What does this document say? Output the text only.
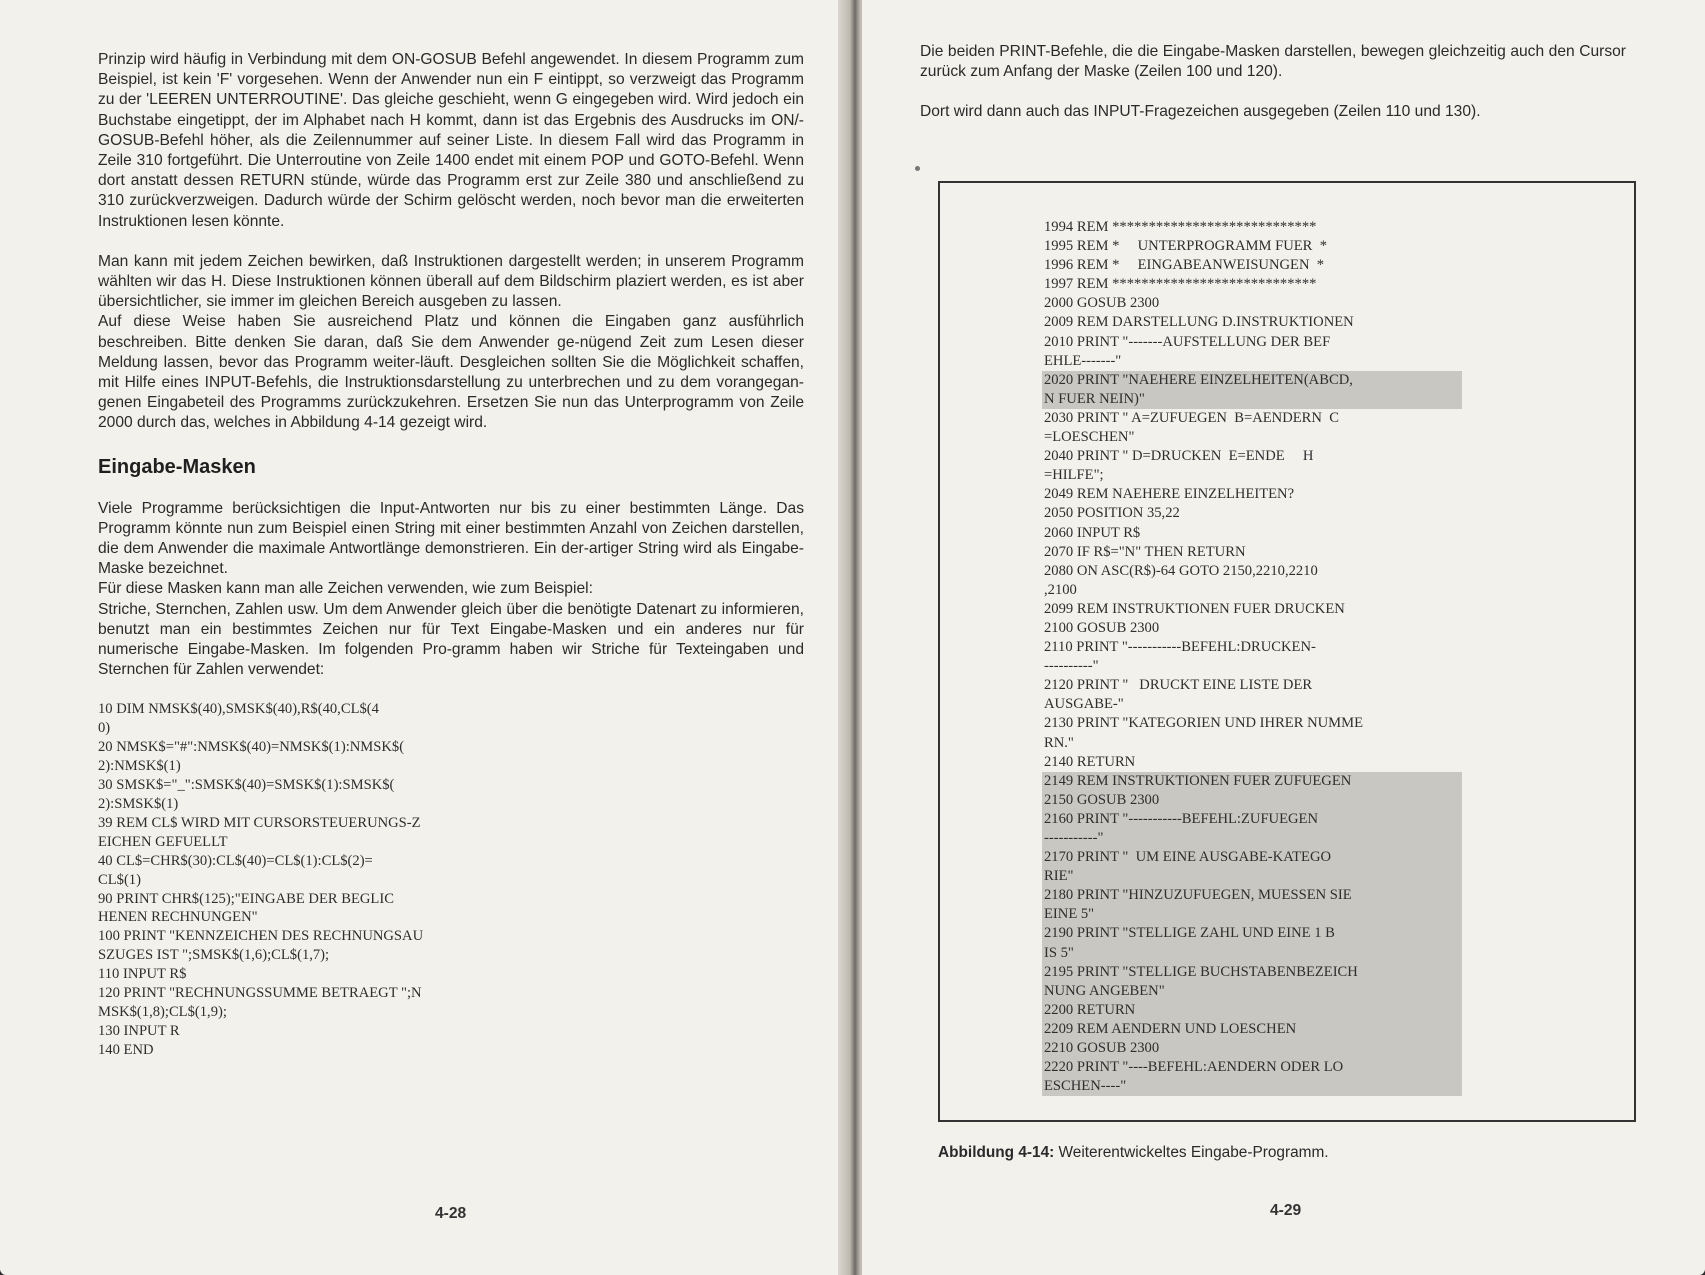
Prinzip wird häufig in Verbindung mit dem ON-GOSUB Befehl angewendet. In diesem Programm zum Beispiel, ist kein 'F' vorgesehen. Wenn der Anwender nun ein F eintippt, so verzweigt das Programm zu der 'LEEREN UNTERROUTINE'. Das gleiche geschieht, wenn G eingegeben wird. Wird jedoch ein Buchstabe eingetippt, der im Alphabet nach H kommt, dann ist das Ergebnis des Ausdrucks im ON/-GOSUB-Befehl höher, als die Zeilennummer auf seiner Liste. In diesem Fall wird das Programm in Zeile 310 fortgeführt. Die Unterroutine von Zeile 1400 endet mit einem POP und GOTO-Befehl. Wenn dort anstatt dessen RETURN stünde, würde das Programm erst zur Zeile 380 und anschließend zu 310 zurückverzweigen. Dadurch würde der Schirm gelöscht werden, noch bevor man die erweiterten Instruktionen lesen könnte.

Man kann mit jedem Zeichen bewirken, daß Instruktionen dargestellt werden; in unserem Programm wählten wir das H. Diese Instruktionen können überall auf dem Bildschirm plaziert werden, es ist aber übersichtlicher, sie immer im gleichen Bereich ausgeben zu lassen.
Auf diese Weise haben Sie ausreichend Platz und können die Eingaben ganz ausführlich beschreiben. Bitte denken Sie daran, daß Sie dem Anwender ge-nügend Zeit zum Lesen dieser Meldung lassen, bevor das Programm weiter-läuft. Desgleichen sollten Sie die Möglichkeit schaffen, mit Hilfe eines INPUT-Befehls, die Instruktionsdarstellung zu unterbrechen und zu dem vorangegan-genen Eingabeteil des Programms zurückzukehren. Ersetzen Sie nun das Unterprogramm von Zeile 2000 durch das, welches in Abbildung 4-14 gezeigt wird.

Eingabe-Masken

Viele Programme berücksichtigen die Input-Antworten nur bis zu einer bestimmten Länge. Das Programm könnte nun zum Beispiel einen String mit einer bestimmten Anzahl von Zeichen darstellen, die dem Anwender die maximale Antwortlänge demonstrieren. Ein der-artiger String wird als Eingabe-Maske bezeichnet.
Für diese Masken kann man alle Zeichen verwenden, wie zum Beispiel:
Striche, Sternchen, Zahlen usw. Um dem Anwender gleich über die benötigte Datenart zu informieren, benutzt man ein bestimmtes Zeichen nur für Text Eingabe-Masken und ein anderes nur für numerische Eingabe-Masken. Im folgenden Pro-gramm haben wir Striche für Texteingaben und Sternchen für Zahlen verwendet:

10 DIM NMSK$(40),SMSK$(40),R$(40,CL$(4
0)
20 NMSK$="#":NMSK$(40)=NMSK$(1):NMSK$(
2):NMSK$(1)
30 SMSK$="_":SMSK$(40)=SMSK$(1):SMSK$(
2):SMSK$(1)
39 REM CL$ WIRD MIT CURSORSTEUERUNGS-Z
EICHEN GEFUELLT
40 CL$=CHR$(30):CL$(40)=CL$(1):CL$(2)=
CL$(1)
90 PRINT CHR$(125);"EINGABE DER BEGLIC
HENEN RECHNUNGEN"
100 PRINT "KENNZEICHEN DES RECHNUNGSAU
SZUGES IST ";SMSK$(1,6);CL$(1,7);
110 INPUT R$
120 PRINT "RECHNUNGSSUMME BETRAEGT ";N
MSK$(1,8);CL$(1,9);
130 INPUT R
140 END
4-28

Die beiden PRINT-Befehle, die die Eingabe-Masken darstellen, bewegen gleichzeitig auch den Cursor zurück zum Anfang der Maske (Zeilen 100 und 120).

Dort wird dann auch das INPUT-Fragezeichen ausgegeben (Zeilen 110 und 130).

4-29
1994 REM ****************************
1995 REM *     UNTERPROGRAMM FUER  *
1996 REM *     EINGABEANWEISUNGEN  *
1997 REM ****************************
2000 GOSUB 2300
2009 REM DARSTELLUNG D.INSTRUKTIONEN
2010 PRINT "-------AUFSTELLUNG DER BEF
EHLE-------"
2020 PRINT "NAEHERE EINZELHEITEN(ABCD,
N FUER NEIN)"
2030 PRINT " A=ZUFUEGEN  B=AENDERN  C
=LOESCHEN"
2040 PRINT " D=DRUCKEN  E=ENDE     H
=HILFE";
2049 REM NAEHERE EINZELHEITEN?
2050 POSITION 35,22
2060 INPUT R$
2070 IF R$="N" THEN RETURN
2080 ON ASC(R$)-64 GOTO 2150,2210,2210
,2100
2099 REM INSTRUKTIONEN FUER DRUCKEN
2100 GOSUB 2300
2110 PRINT "-----------BEFEHL:DRUCKEN-
----------"
2120 PRINT "   DRUCKT EINE LISTE DER
AUSGABE-"
2130 PRINT "KATEGORIEN UND IHRER NUMME
RN."
2140 RETURN
2149 REM INSTRUKTIONEN FUER ZUFUEGEN
2150 GOSUB 2300
2160 PRINT "-----------BEFEHL:ZUFUEGEN
-----------"
2170 PRINT "  UM EINE AUSGABE-KATEGO
RIE"
2180 PRINT "HINZUZUFUEGEN, MUESSEN SIE
EINE 5"
2190 PRINT "STELLIGE ZAHL UND EINE 1 B
IS 5"
2195 PRINT "STELLIGE BUCHSTABENBEZEICH
NUNG ANGEBEN"
2200 RETURN
2209 REM AENDERN UND LOESCHEN
2210 GOSUB 2300
2220 PRINT "----BEFEHL:AENDERN ODER LO
ESCHEN----"
Abbildung 4-14: Weiterentwickeltes Eingabe-Programm.
